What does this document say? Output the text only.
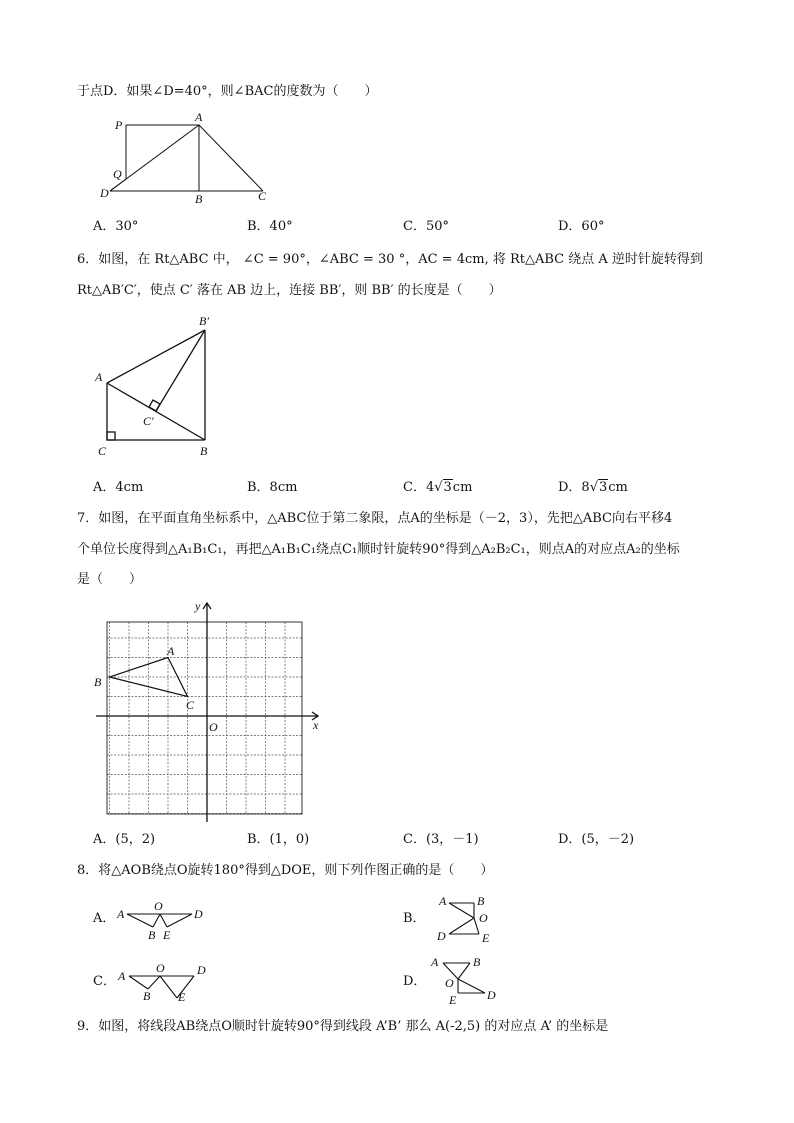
于点D．如果∠D=40°，则∠BAC的度数为（　　）
P
A
Q
D	B	C
A．30°	B．40°	C．50°	D．60°
6．如图，在 Rt△ABC 中， ∠C = 90°，∠ABC = 30 °，AC = 4cm, 将 Rt△ABC 绕点 A 逆时针旋转得到
Rt△AB′C′，使点 C′ 落在 AB 边上，连接 BB′，则 BB′ 的长度是（　　）
B′
A
C′
C	B
A．4cm	B．8cm	C．4√3cm	D．8√3cm
7．如图，在平面直角坐标系中，△ABC位于第二象限，点A的坐标是（－2，3），先把△ABC向右平移4
个单位长度得到△A₁B₁C₁，再把△A₁B₁C₁绕点C₁顺时针旋转90°得到△A₂B₂C₁，则点A的对应点A₂的坐标
是（　　）
y
A
B
C
O	x
A．(5，2)	B．(1，0)	C．(3，－1)	D．(5，－2)
8．将△AOB绕点O旋转180°得到△DOE，则下列作图正确的是（　　）
A． A
O
D
B E
B．
A	B
O
D	E
C． A
O	D
B E
D．
A	B
O
E	D
9．如图，将线段AB绕点O顺时针旋转90°得到线段 A’B’ 那么 A(-2,5) 的对应点 A’ 的坐标是
